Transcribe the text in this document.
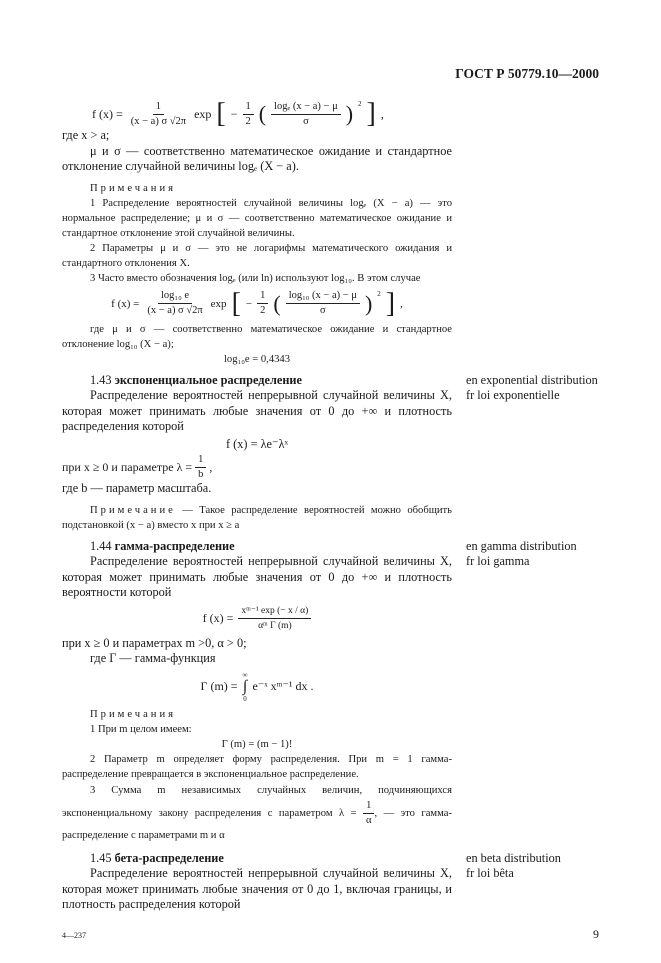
ГОСТ Р 50779.10—2000
f $(x) = \frac{1}{(x - a) \sigma √2\pi}$ exp [ − $\frac{1}{2}$ ( $\frac{\text{logₑ (x − a) − μ}}{\sigma}$ ) $^2$ ] ,
где x > a;
μ и σ — соответственно математическое ожидание и стандартное отклонение случайной величины logₑ (X − a).
Примечания
1 Распределение вероятностей случайной величины logₑ (X − a) — это нормальное распределение; μ и σ — соответственно математическое ожидание и стандартное отклонение этой случайной величины.
2 Параметры μ и σ — это не логарифмы математического ожидания и стандартного отклонения X.
3 Часто вместо обозначения logₑ (или ln) используют log₁₀. В этом случае
f $(x) = \frac{\text{log₁₀ e}}{(x - a) \sigma √2\pi}$ exp [ − $\frac{1}{2}$ ( $\frac{\text{log₁₀ (x − a) − μ}}{\sigma}$ ) $^2$ ] ,
где μ и σ — соответственно математическое ожидание и стандартное отклонение log₁₀ (X − a);
log₁₀e = 0,4343
1.43 экспоненциальное распределение	en exponential distribution
fr loi exponentielle
Распределение вероятностей непрерывной случайной величины X, которая может принимать любые значения от 0 до +∞ и плотность распределения которой
f (x) = λe⁻λˣ
при x ≥ 0 и параметре $\lambda = \frac{1}{b}$ ,
где b — параметр масштаба.
Примечание — Такое распределение вероятностей можно обобщить подстановкой (x − a) вместо x при x ≥ a
1.44 гамма-распределение	en gamma distribution
fr loi gamma
Распределение вероятностей непрерывной случайной величины X, которая может принимать любые значения от 0 до +∞ и плотность вероятности которой
f $(x) = \frac{\text{xᵐ⁻¹ exp (− x / α)}}{\text{αᵐ Γ (m)}}$
при x ≥ 0 и параметрах m >0, α > 0;
где Г — гамма-функция
Г (m) =
∞
∫
0
e⁻ˣ xᵐ⁻¹ dx .
Примечания
1 При m целом имеем:
Г (m) = (m − 1)!
2 Параметр m определяет форму распределения. При m = 1 гамма-распределение превращается в экспоненциальное распределение.
3 Сумма m независимых случайных величин, подчиняющихся экспоненциальному закону распределения с параметром $\lambda = \frac{1}{\alpha}$ , — это гамма-распределение с параметрами m и α
1.45 бета-распределение	en beta distribution
fr loi bêta
Распределение вероятностей непрерывной случайной величины X, которая может принимать любые значения от 0 до 1, включая границы, и плотность распределения которой
4—237	9
